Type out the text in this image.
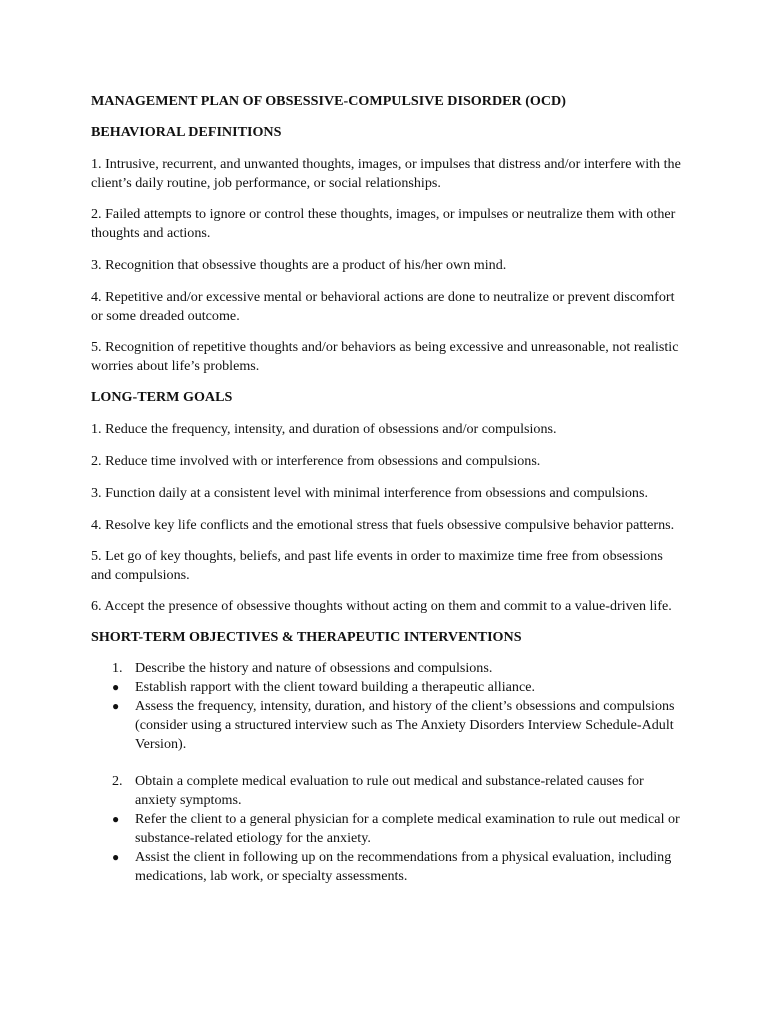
MANAGEMENT PLAN OF OBSESSIVE-COMPULSIVE DISORDER (OCD)

BEHAVIORAL DEFINITIONS

1. Intrusive, recurrent, and unwanted thoughts, images, or impulses that distress and/or interfere with the client’s daily routine, job performance, or social relationships.

2. Failed attempts to ignore or control these thoughts, images, or impulses or neutralize them with other thoughts and actions.

3. Recognition that obsessive thoughts are a product of his/her own mind.

4. Repetitive and/or excessive mental or behavioral actions are done to neutralize or prevent discomfort or some dreaded outcome.

5. Recognition of repetitive thoughts and/or behaviors as being excessive and unreasonable, not realistic worries about life’s problems.

LONG-TERM GOALS

1. Reduce the frequency, intensity, and duration of obsessions and/or compulsions.

2. Reduce time involved with or interference from obsessions and compulsions.

3. Function daily at a consistent level with minimal interference from obsessions and compulsions.

4. Resolve key life conflicts and the emotional stress that fuels obsessive compulsive behavior patterns.

5. Let go of key thoughts, beliefs, and past life events in order to maximize time free from obsessions and compulsions.

6. Accept the presence of obsessive thoughts without acting on them and commit to a value-driven life.

SHORT-TERM OBJECTIVES & THERAPEUTIC INTERVENTIONS

1. Describe the history and nature of obsessions and compulsions.
● Establish rapport with the client toward building a therapeutic alliance.
● Assess the frequency, intensity, duration, and history of the client’s obsessions and compulsions (consider using a structured interview such as The Anxiety Disorders Interview Schedule-Adult Version).
2. Obtain a complete medical evaluation to rule out medical and substance-related causes for anxiety symptoms.
● Refer the client to a general physician for a complete medical examination to rule out medical or substance-related etiology for the anxiety.
● Assist the client in following up on the recommendations from a physical evaluation, including medications, lab work, or specialty assessments.
